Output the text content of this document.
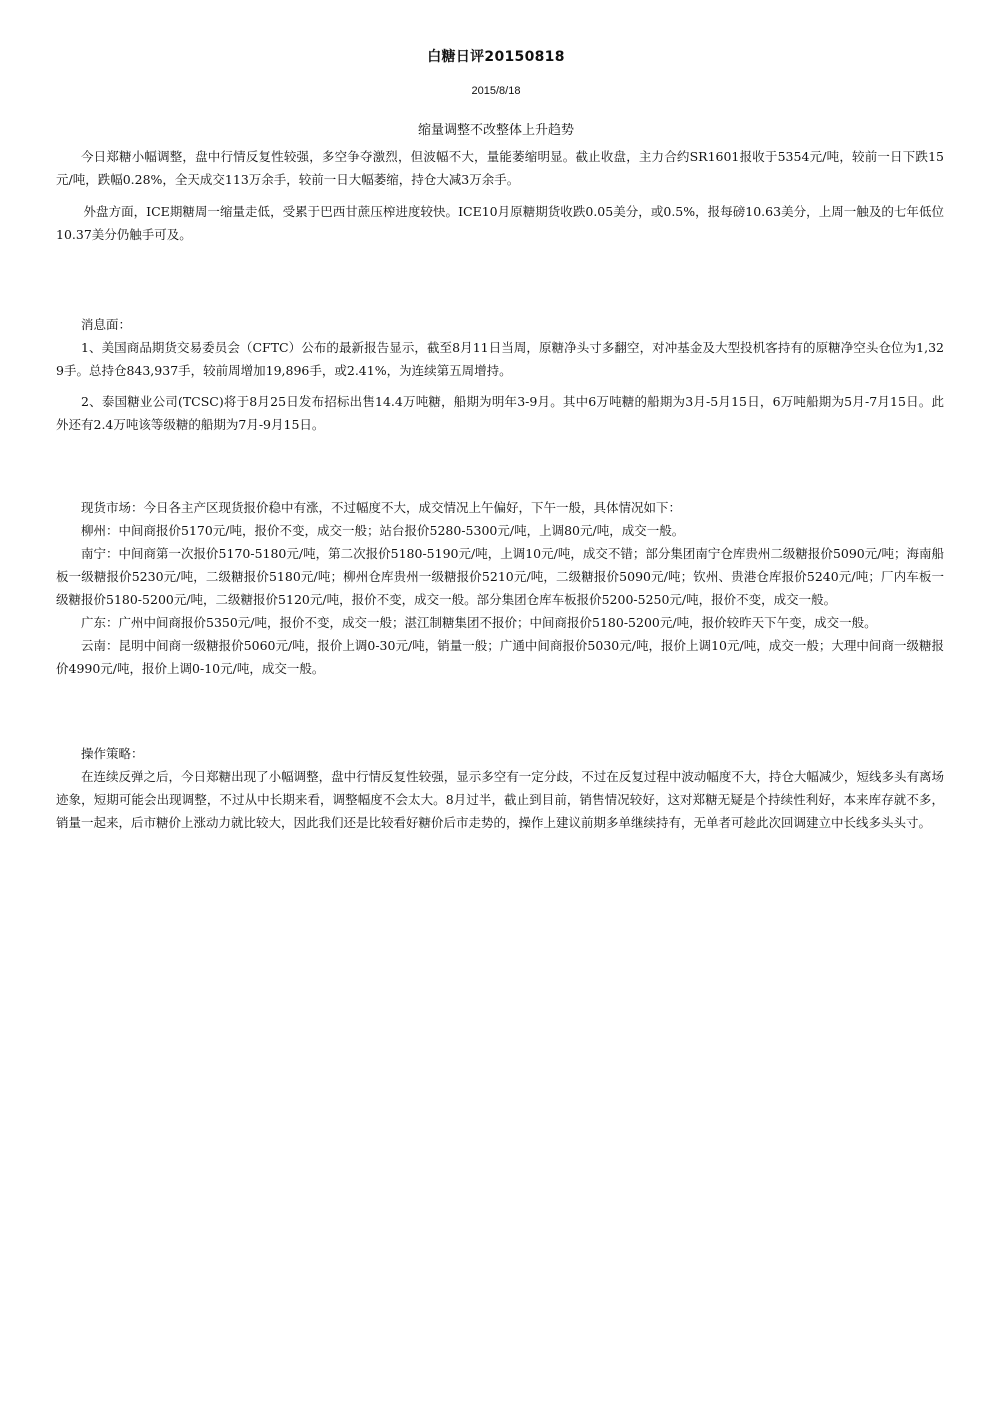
白糖日评20150818
2015/8/18
缩量调整不改整体上升趋势

今日郑糖小幅调整，盘中行情反复性较强，多空争夺激烈，但波幅不大，量能萎缩明显。截止收盘，主力合约SR1601报收于5354元/吨，较前一日下跌15元/吨，跌幅0.28%，全天成交113万余手，较前一日大幅萎缩，持仓大减3万余手。

外盘方面，ICE期糖周一缩量走低，受累于巴西甘蔗压榨进度较快。ICE10月原糖期货收跌0.05美分，或0.5%，报每磅10.63美分，上周一触及的七年低位10.37美分仍触手可及。

消息面：

1、美国商品期货交易委员会（CFTC）公布的最新报告显示，截至8月11日当周，原糖净头寸多翻空，对冲基金及大型投机客持有的原糖净空头仓位为1,329手。总持仓843,937手，较前周增加19,896手，或2.41%，为连续第五周增持。

2、泰国糖业公司(TCSC)将于8月25日发布招标出售14.4万吨糖，船期为明年3-9月。其中6万吨糖的船期为3月-5月15日，6万吨船期为5月-7月15日。此外还有2.4万吨该等级糖的船期为7月-9月15日。

现货市场：今日各主产区现货报价稳中有涨，不过幅度不大，成交情况上午偏好，下午一般，具体情况如下：

柳州：中间商报价5170元/吨，报价不变，成交一般；站台报价5280-5300元/吨，上调80元/吨，成交一般。

南宁：中间商第一次报价5170-5180元/吨，第二次报价5180-5190元/吨，上调10元/吨，成交不错；部分集团南宁仓库贵州二级糖报价5090元/吨；海南船板一级糖报价5230元/吨，二级糖报价5180元/吨；柳州仓库贵州一级糖报价5210元/吨，二级糖报价5090元/吨；钦州、贵港仓库报价5240元/吨；厂内车板一级糖报价5180-5200元/吨，二级糖报价5120元/吨，报价不变，成交一般。部分集团仓库车板报价5200-5250元/吨，报价不变，成交一般。

广东：广州中间商报价5350元/吨，报价不变，成交一般；湛江制糖集团不报价；中间商报价5180-5200元/吨，报价较昨天下午变，成交一般。

云南：昆明中间商一级糖报价5060元/吨，报价上调0-30元/吨，销量一般；广通中间商报价5030元/吨，报价上调10元/吨，成交一般；大理中间商一级糖报价4990元/吨，报价上调0-10元/吨，成交一般。

操作策略：

在连续反弹之后，今日郑糖出现了小幅调整，盘中行情反复性较强，显示多空有一定分歧，不过在反复过程中波动幅度不大，持仓大幅减少，短线多头有离场迹象，短期可能会出现调整，不过从中长期来看，调整幅度不会太大。8月过半，截止到目前，销售情况较好，这对郑糖无疑是个持续性利好，本来库存就不多，销量一起来，后市糖价上涨动力就比较大，因此我们还是比较看好糖价后市走势的，操作上建议前期多单继续持有，无单者可趁此次回调建立中长线多头头寸。
